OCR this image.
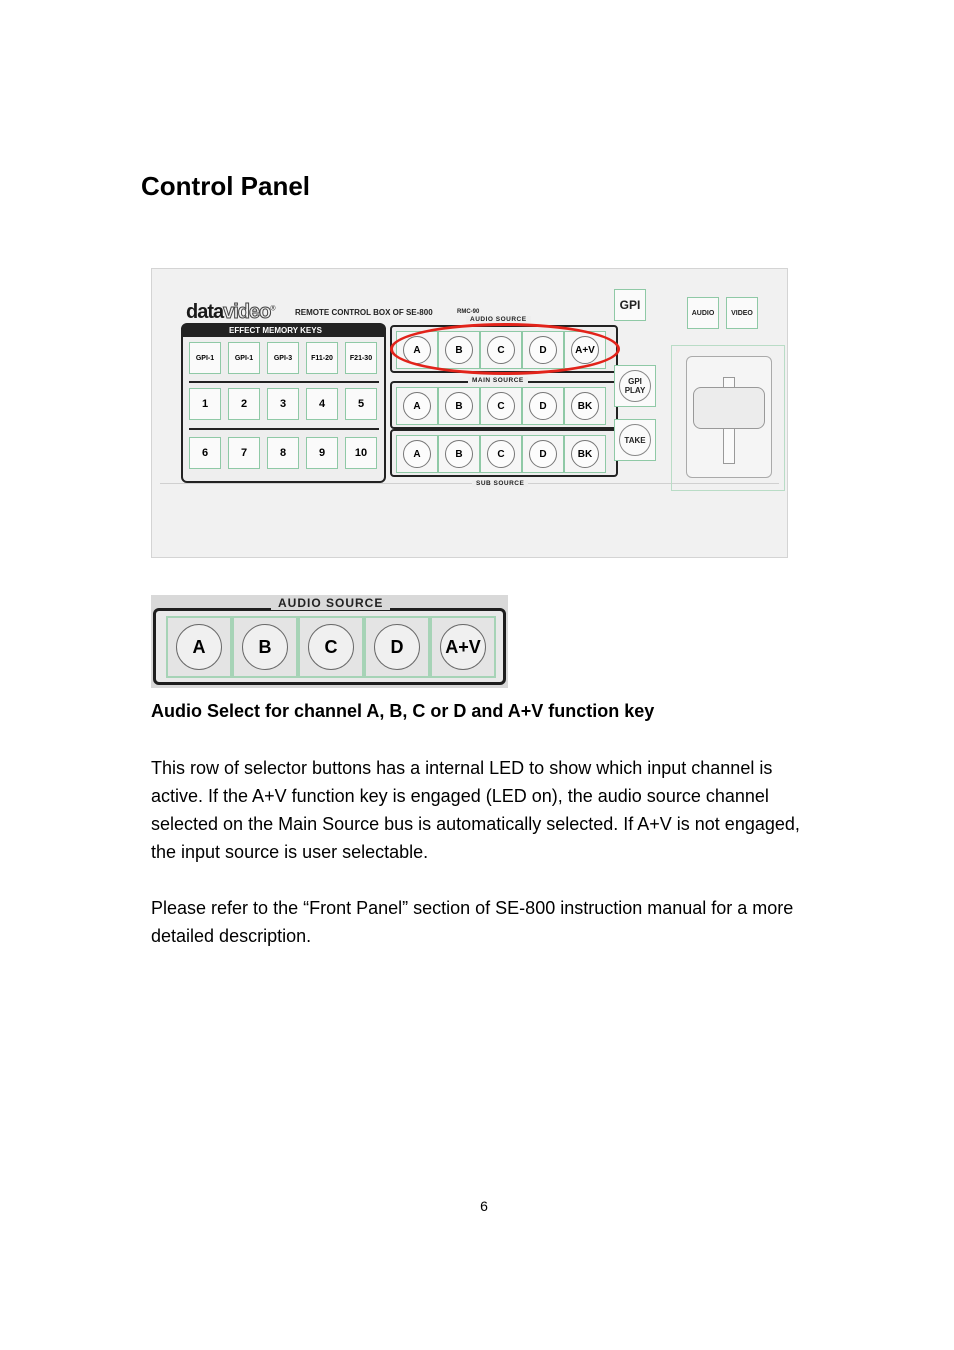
Control Panel
datavideo®	REMOTE CONTROL BOX OF SE-800	RMC-90
EFFECT MEMORY KEYS
GPI-1	GPI-1	GPI-3	F11-20	F21-30
1	2	3	4	5
6	7	8	9	10
A	B	C	D	A+V
AUDIO SOURCE
A	B	C	D	BK
MAIN SOURCE
A	B	C	D	BK
SUB SOURCE
GPI
GPI PLAY
TAKE
AUDIO	VIDEO
A	B	C	D	A+V
AUDIO SOURCE
Audio Select for channel A, B, C or D and A+V function key

This row of selector buttons has a internal LED to show which input channel is active. If the A+V function key is engaged (LED on), the audio source channel selected on the Main Source bus is automatically selected. If A+V is not engaged, the input source is user selectable.

Please refer to the “Front Panel” section of SE-800 instruction manual for a more detailed description.

6
